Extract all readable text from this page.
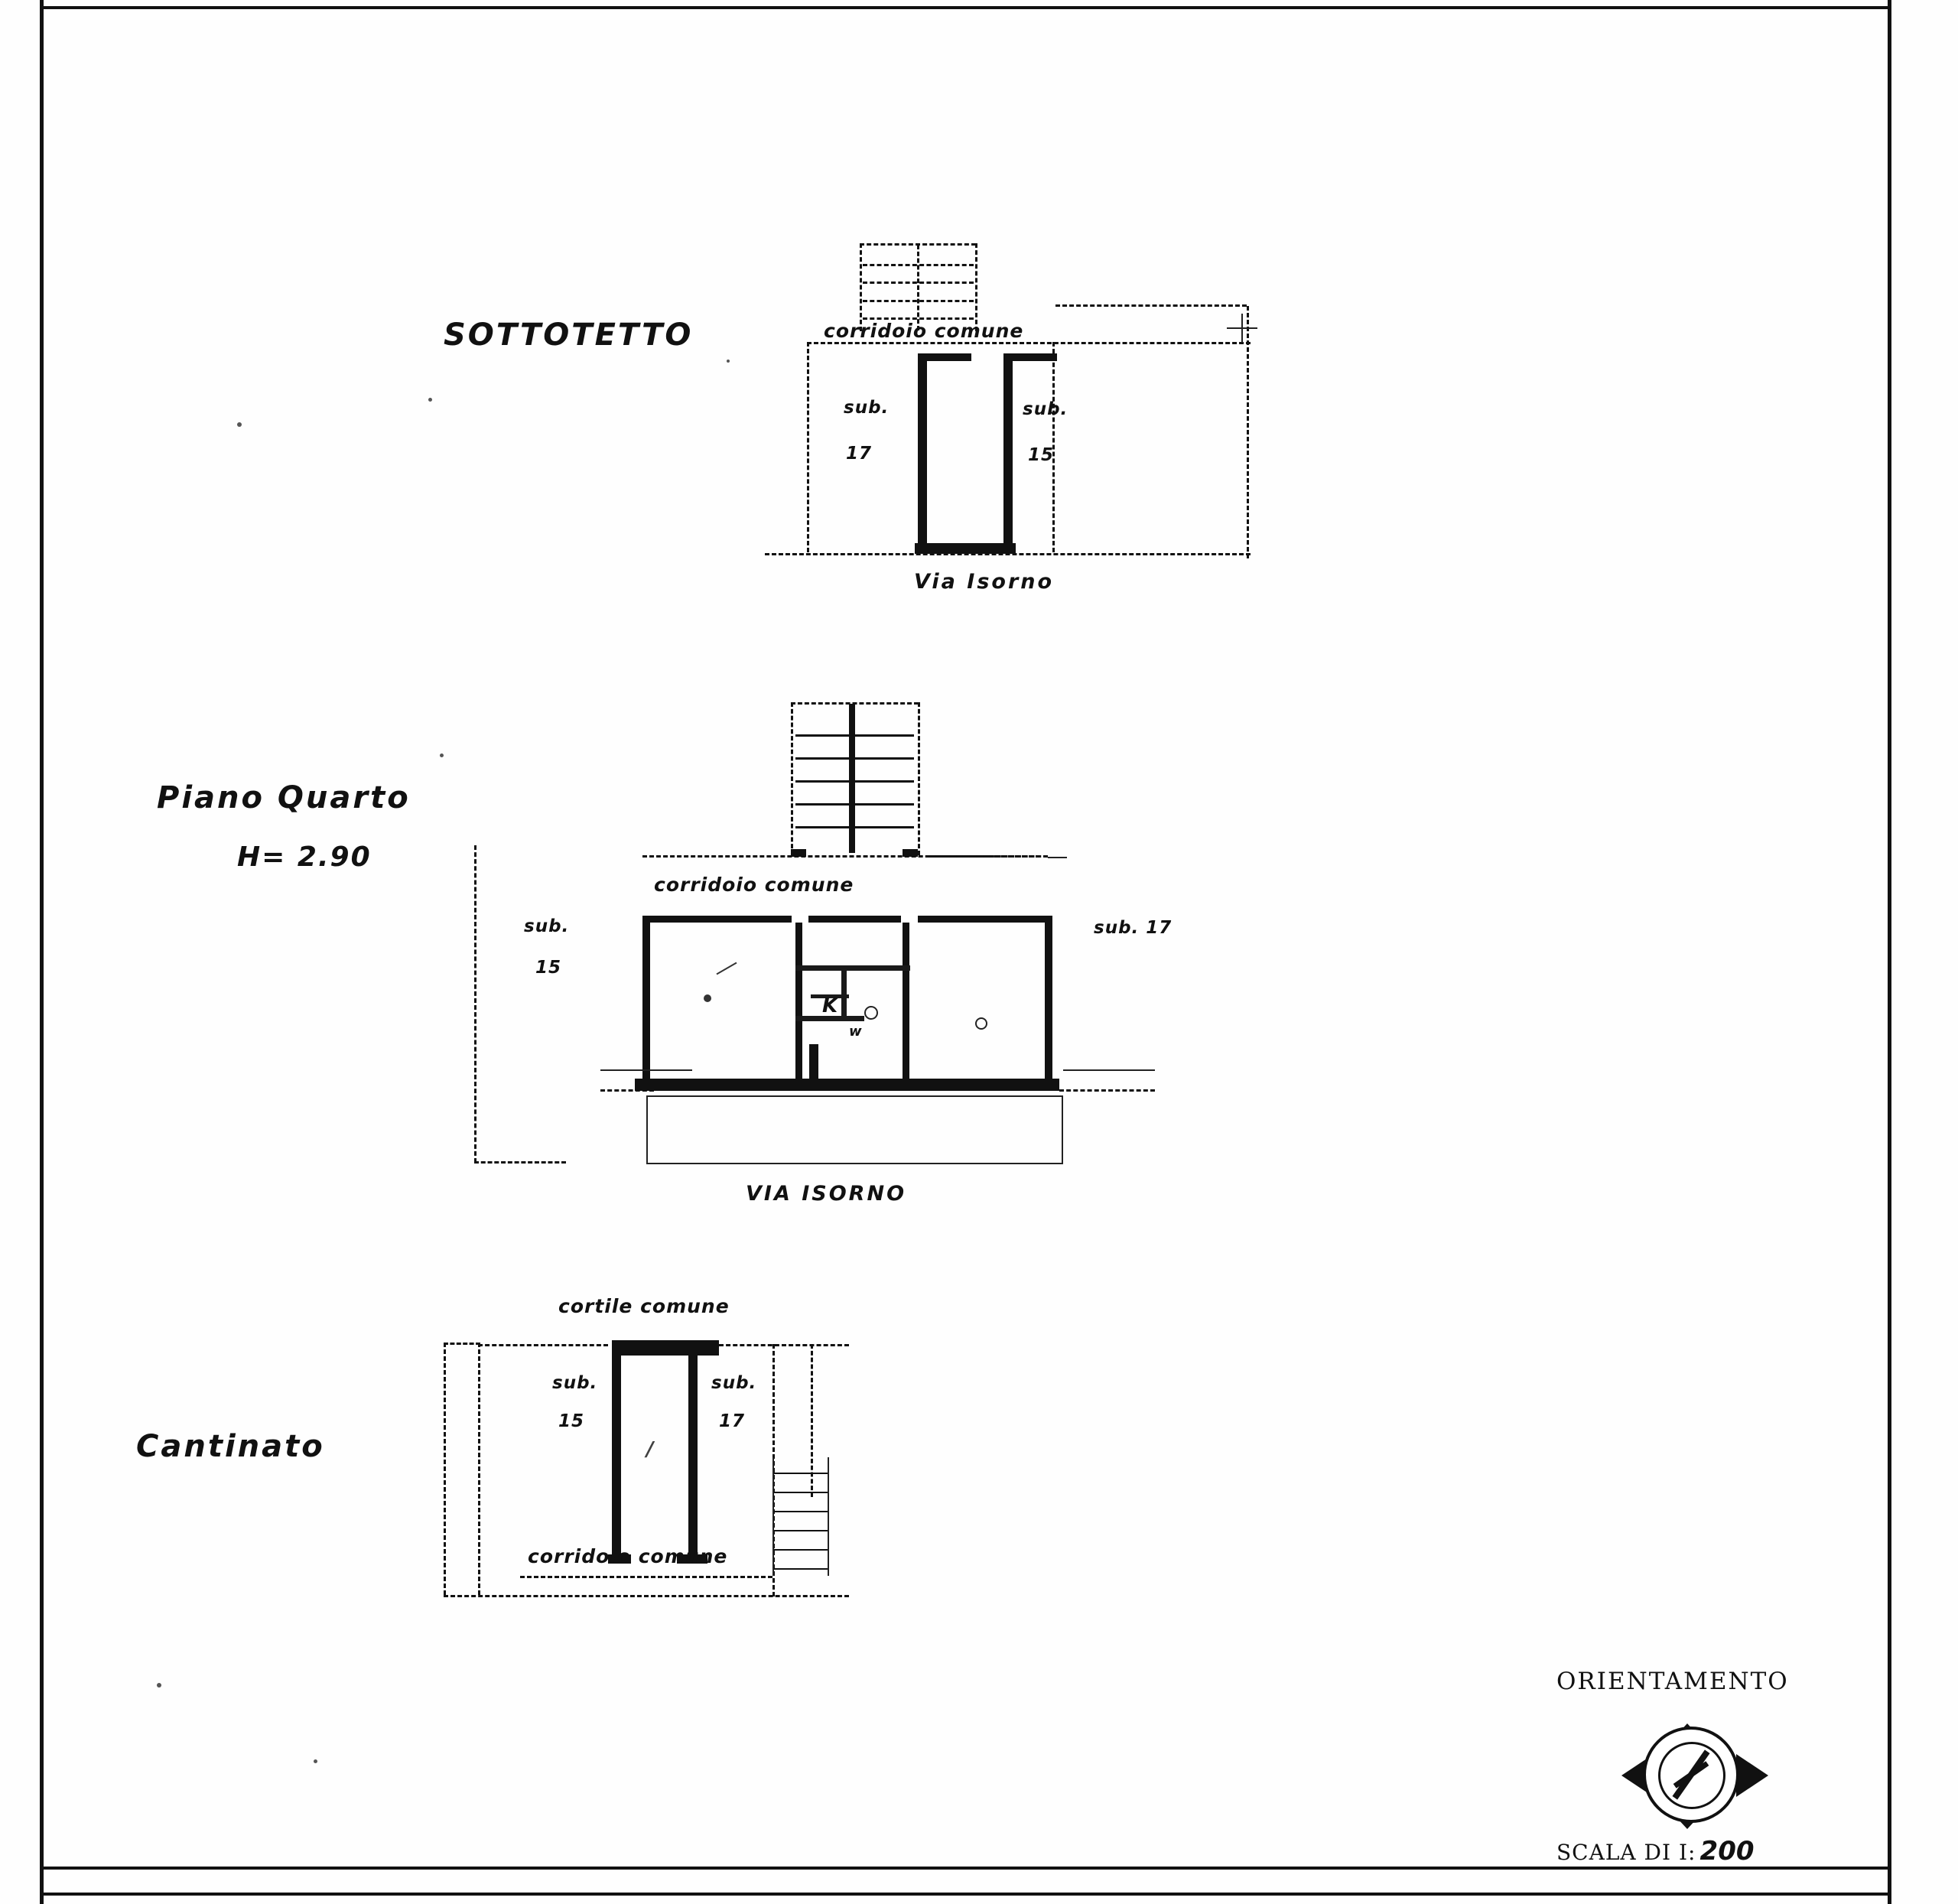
SOTTOTETTO	corridoio comune
sub.
17
sub.
15
Via Isorno
Piano Quarto
H= 2.90
corridoio comune
K
w

sub.
15
sub. 17
VIA ISORNO
Cantinato
cortile comune
/
sub.
15
sub.
17
corridoio comune
ORIENTAMENTO
SCALA DI I: 200
